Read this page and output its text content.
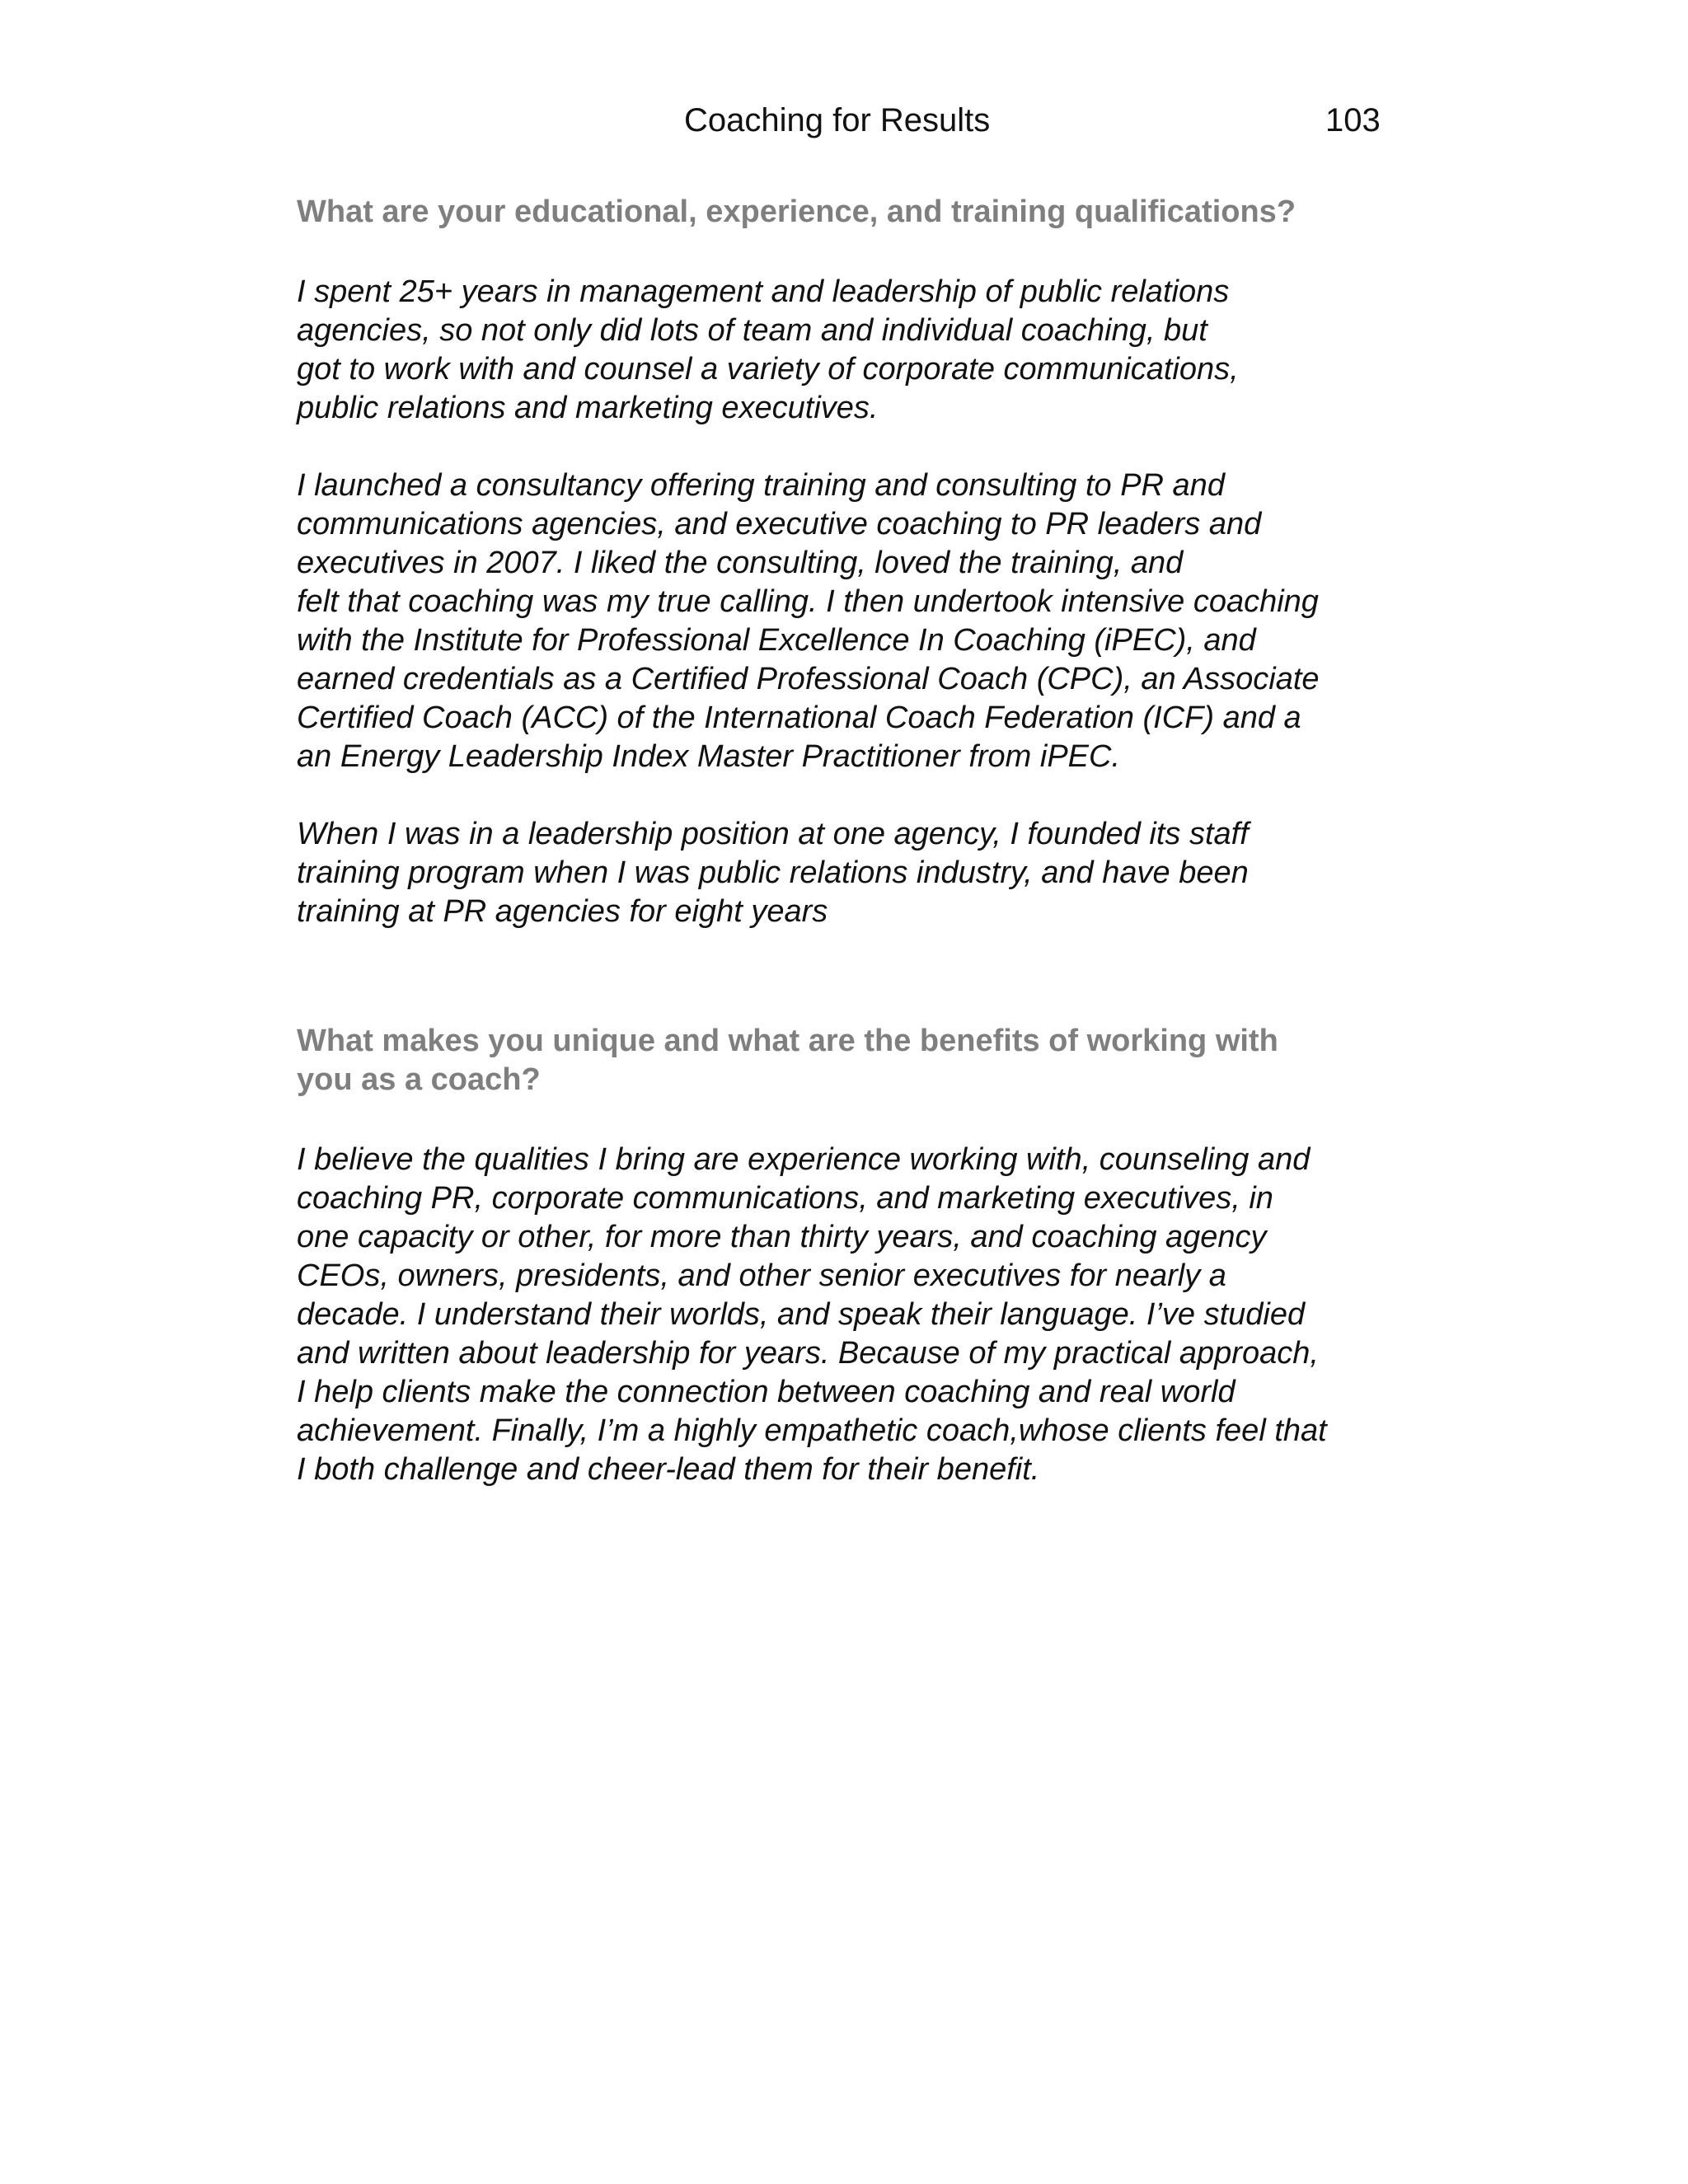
Coaching for Results	103
What are your educational, experience, and training qualifications?

I spent 25+ years in management and leadership of public relations
agencies, so not only did lots of team and individual coaching, but
got to work with and counsel a variety of corporate communications,
public relations and marketing executives.

I launched a consultancy offering training and consulting to PR and
communications agencies, and executive coaching to PR leaders and
executives in 2007. I liked the consulting, loved the training, and
felt that coaching was my true calling. I then undertook intensive coaching
with the Institute for Professional Excellence In Coaching (iPEC), and
earned credentials as a Certified Professional Coach (CPC), an Associate
Certified Coach (ACC) of the International Coach Federation (ICF) and a
an Energy Leadership Index Master Practitioner from iPEC.

When I was in a leadership position at one agency, I founded its staff
training program when I was public relations industry, and have been
training at PR agencies for eight years

What makes you unique and what are the benefits of working with
you as a coach?

I believe the qualities I bring are experience working with, counseling and
coaching PR, corporate communications, and marketing executives, in
one capacity or other, for more than thirty years, and coaching agency
CEOs, owners, presidents, and other senior executives for nearly a
decade. I understand their worlds, and speak their language. I’ve studied
and written about leadership for years. Because of my practical approach,
I help clients make the connection between coaching and real world
achievement. Finally, I’m a highly empathetic coach,whose clients feel that
I both challenge and cheer-lead them for their benefit.
